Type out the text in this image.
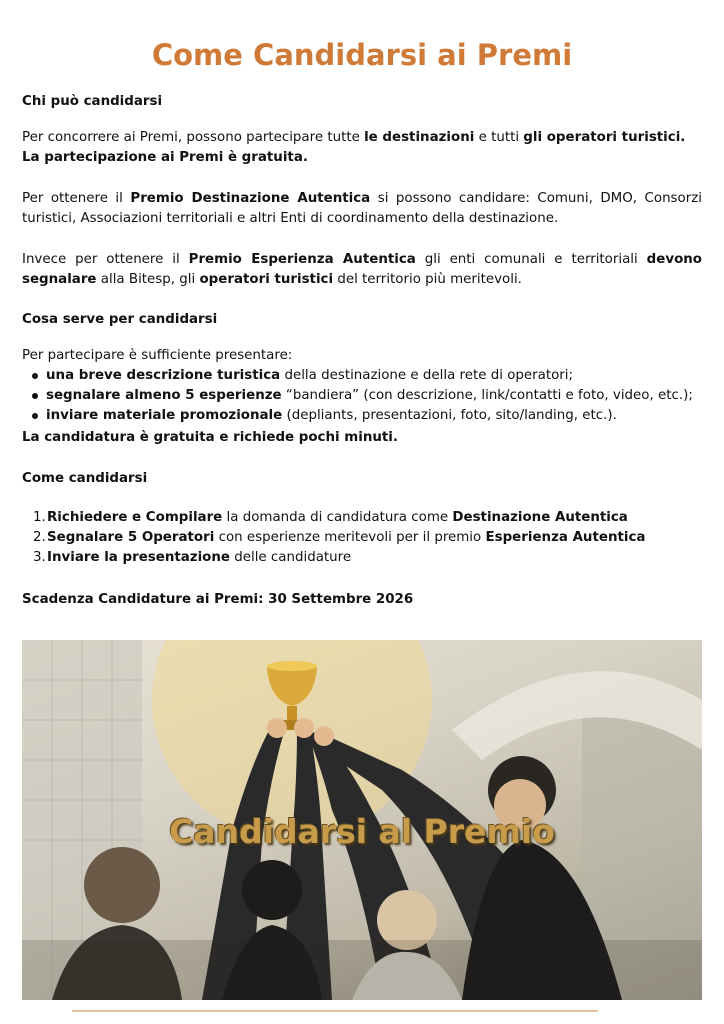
Come Candidarsi ai Premi
Chi può candidarsi
Per concorrere ai Premi, possono partecipare tutte le destinazioni e tutti gli operatori turistici.
La partecipazione ai Premi è gratuita.
Per ottenere il Premio Destinazione Autentica si possono candidare: Comuni, DMO, Consorzi turistici, Associazioni territoriali e altri Enti di coordinamento della destinazione.
Invece per ottenere il Premio Esperienza Autentica gli enti comunali e territoriali devono segnalare alla Bitesp, gli operatori turistici del territorio più meritevoli.
Cosa serve per candidarsi
Per partecipare è sufficiente presentare:
una breve descrizione turistica della destinazione e della rete di operatori;
segnalare almeno 5 esperienze “bandiera” (con descrizione, link/contatti e foto, video, etc.);
inviare materiale promozionale (depliants, presentazioni, foto, sito/landing, etc.).
La candidatura è gratuita e richiede pochi minuti.
Come candidarsi
1. Richiedere e Compilare la domanda di candidatura come Destinazione Autentica
2. Segnalare 5 Operatori con esperienze meritevoli per il premio Esperienza Autentica
3. Inviare la presentazione delle candidature
Scadenza Candidature ai Premi: 30 Settembre 2026
Candidarsi al Premio
